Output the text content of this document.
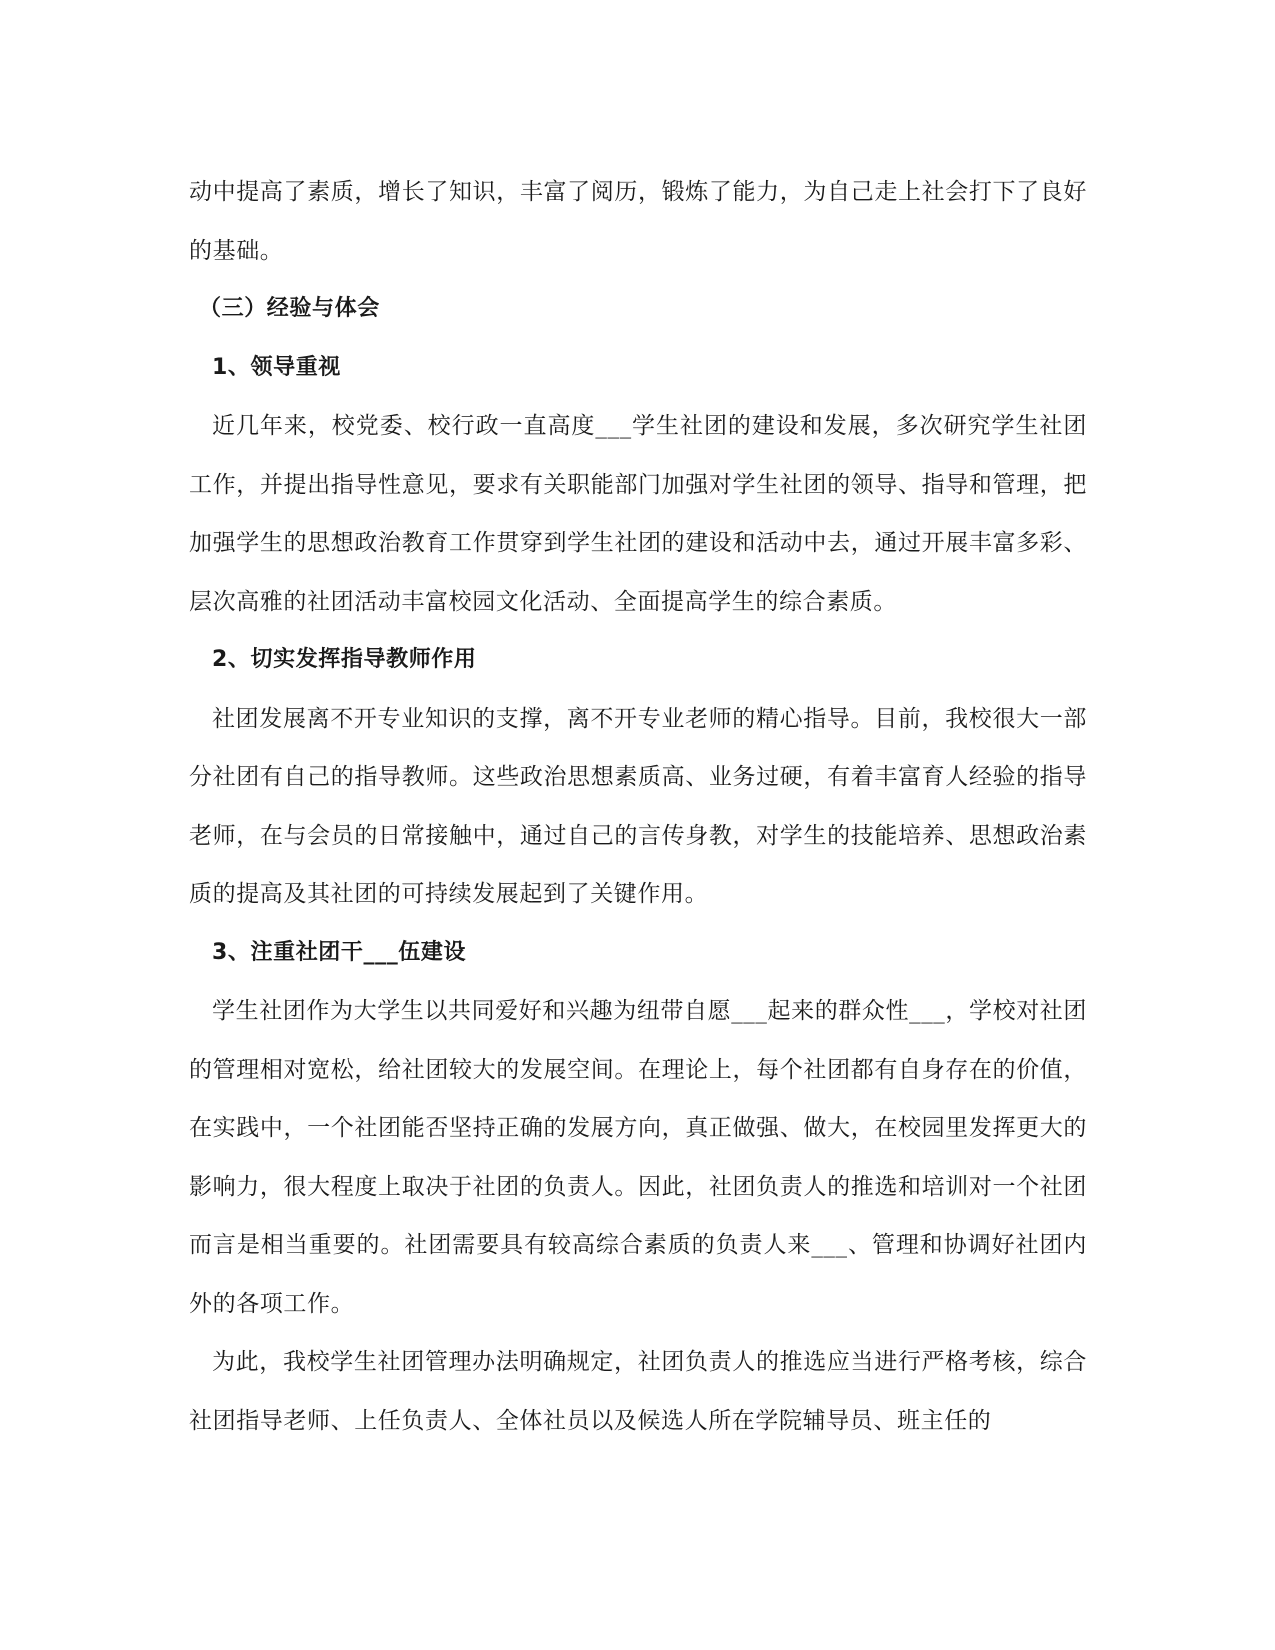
动中提高了素质，增长了知识，丰富了阅历，锻炼了能力，为自己走上社会打下了良好的基础。

（三）经验与体会

1、领导重视

近几年来，校党委、校行政一直高度___学生社团的建设和发展，多次研究学生社团工作，并提出指导性意见，要求有关职能部门加强对学生社团的领导、指导和管理，把加强学生的思想政治教育工作贯穿到学生社团的建设和活动中去，通过开展丰富多彩、层次高雅的社团活动丰富校园文化活动、全面提高学生的综合素质。

2、切实发挥指导教师作用

社团发展离不开专业知识的支撑，离不开专业老师的精心指导。目前，我校很大一部分社团有自己的指导教师。这些政治思想素质高、业务过硬，有着丰富育人经验的指导老师，在与会员的日常接触中，通过自己的言传身教，对学生的技能培养、思想政治素质的提高及其社团的可持续发展起到了关键作用。

3、注重社团干___伍建设

学生社团作为大学生以共同爱好和兴趣为纽带自愿___起来的群众性___，学校对社团的管理相对宽松，给社团较大的发展空间。在理论上，每个社团都有自身存在的价值，在实践中，一个社团能否坚持正确的发展方向，真正做强、做大，在校园里发挥更大的影响力，很大程度上取决于社团的负责人。因此，社团负责人的推选和培训对一个社团而言是相当重要的。社团需要具有较高综合素质的负责人来___、管理和协调好社团内外的各项工作。

为此，我校学生社团管理办法明确规定，社团负责人的推选应当进行严格考核，综合社团指导老师、上任负责人、全体社员以及候选人所在学院辅导员、班主任的
